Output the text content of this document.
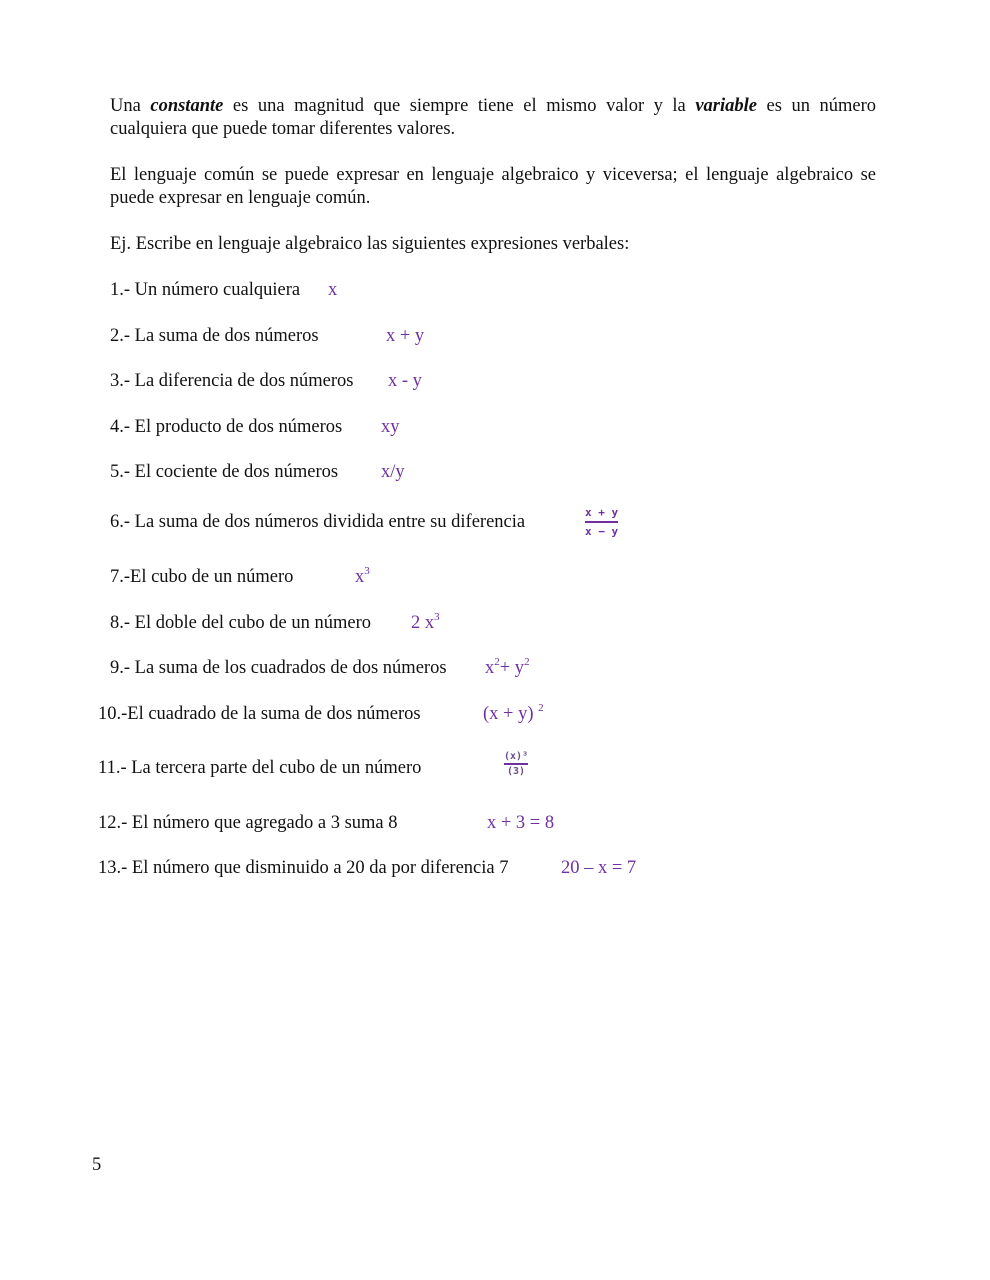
Una constante es una magnitud que siempre tiene el mismo valor y la variable es un número cualquiera que puede tomar diferentes valores.
El lenguaje común se puede expresar en lenguaje algebraico y viceversa; el lenguaje algebraico se puede expresar en lenguaje común.
Ej. Escribe en lenguaje algebraico las siguientes expresiones verbales:
1.- Un número cualquiera x
2.- La suma de dos números	x + y
3.- La diferencia de dos números x - y
4.- El producto de dos números xy
5.- El cociente de dos números x/y
6.- La suma de dos números dividida entre su diferencia	x + y
x − y
7.-El cubo de un número	$x^3$
8.- El doble del cubo de un número 2 $x^3$
9.- La suma de los cuadrados de dos números $x^2+ y^2$
10.-El cuadrado de la suma de dos números	(x + y) $^2$
11.- La tercera parte del cubo de un número
(x)³
(3)
12.- El número que agregado a 3 suma 8	x + 3 = 8
13.- El número que disminuido a 20 da por diferencia 7	20 – x = 7
5
